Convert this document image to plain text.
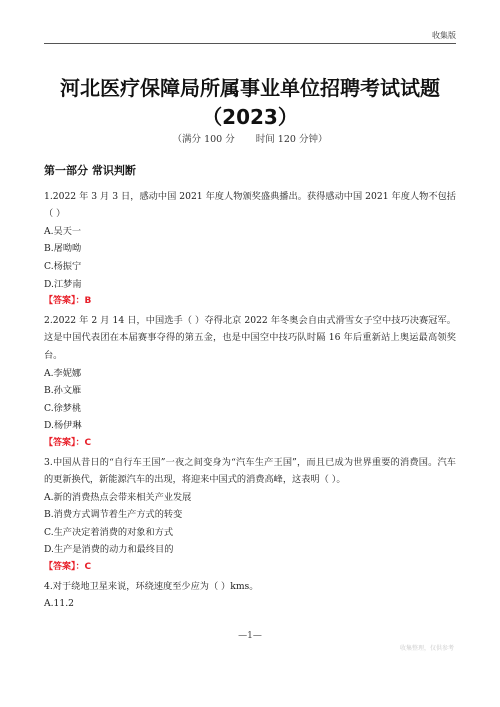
收集版
河北医疗保障局所属事业单位招聘考试试题
（2023）
（满分 100 分 时间 120 分钟）
第一部分 常识判断

1.2022 年 3 月 3 日，感动中国 2021 年度人物颁奖盛典播出。获得感动中国 2021 年度人物不包括（ ）

A.吴天一

B.屠呦呦

C.杨振宁

D.江梦南

【答案】：B

2.2022 年 2 月 14 日，中国选手（ ）夺得北京 2022 年冬奥会自由式滑雪女子空中技巧决赛冠军。这是中国代表团在本届赛事夺得的第五金，也是中国空中技巧队时隔 16 年后重新站上奥运最高领奖台。

A.李妮娜

B.孙文雁

C.徐梦桃

D.杨伊琳

【答案】：C

3.中国从昔日的“自行车王国”一夜之间变身为“汽车生产王国”，而且已成为世界重要的消费国。汽车的更新换代，新能源汽车的出现，将迎来中国式的消费高峰，这表明（ ）。

A.新的消费热点会带来相关产业发展

B.消费方式调节着生产方式的转变

C.生产决定着消费的对象和方式

D.生产是消费的动力和最终目的

【答案】：C

4.对于绕地卫星来说，环绕速度至少应为（ ）kms。

A.11.2

—1—
收集整理，仅供参考
